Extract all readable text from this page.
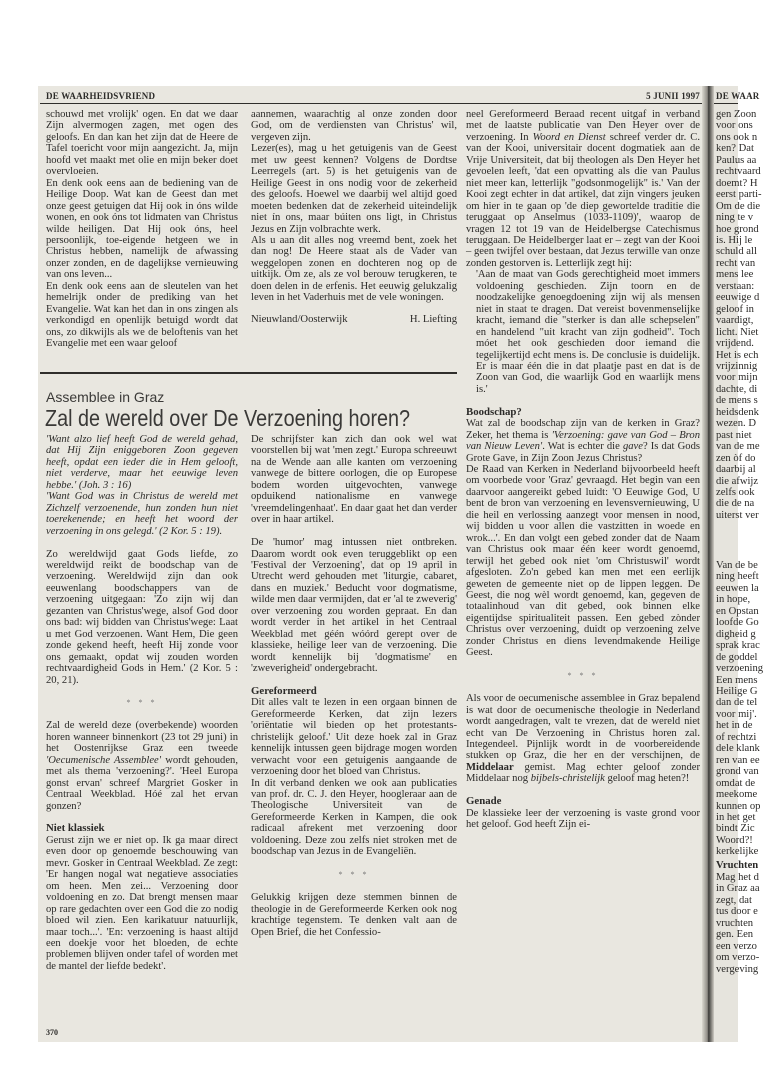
DE WAARHEIDSVRIEND	5 JUNII 1997

schouwd met vrolijk' ogen. En dat we daar Zijn alvermogen zagen, met ogen des geloofs. En dan kan het zijn dat de Heere de Tafel toericht voor mijn aangezicht. Ja, mijn hoofd vet maakt met olie en mijn beker doet overvloeien.

En denk ook eens aan de bediening van de Heilige Doop. Wat kan de Geest dan met onze geest getuigen dat Hij ook in óns wilde wonen, en ook óns tot lidmaten van Christus wilde heiligen. Dat Hij ook óns, heel persoonlijk, toe-eigende hetgeen we in Christus hebben, namelijk de afwassing onzer zonden, en de dagelijkse vernieuwing van ons leven...

En denk ook eens aan de sleutelen van het hemelrijk onder de prediking van het Evangelie. Wat kan het dan in ons zingen als verkondigd en openlijk betuigd wordt dat ons, zo dikwijls als we de beloftenis van het Evangelie met een waar geloof

aannemen, waarachtig al onze zonden door God, om de verdiensten van Christus' wil, vergeven zijn.

Lezer(es), mag u het getuigenis van de Geest met uw geest kennen? Volgens de Dordtse Leerregels (art. 5) is het getuigenis van de Heilige Geest in ons nodig voor de zekerheid des geloofs. Hoewel we daarbij wel altijd goed moeten bedenken dat de zekerheid uiteindelijk niet ín ons, maar búiten ons ligt, in Christus Jezus en Zijn volbrachte werk.

Als u aan dit alles nog vreemd bent, zoek het dan nog! De Heere staat als de Vader van weggelopen zonen en dochteren nog op de uitkijk. Om ze, als ze vol berouw terugkeren, te doen delen in de erfenis. Het eeuwig gelukzalig leven in het Vaderhuis met de vele woningen.

Nieuwland/Oosterwijk	H. Liefting
Assemblee in Graz
Zal de wereld over De Verzoening horen?

'Want alzo lief heeft God de wereld gehad, dat Hij Zijn eniggeboren Zoon gegeven heeft, opdat een ieder die in Hem gelooft, niet verderve, maar het eeuwige leven hebbe.' (Joh. 3 : 16)

'Want God was in Christus de wereld met Zichzelf verzoenende, hun zonden hun niet toerekenende; en heeft het woord der verzoening in ons gelegd.' (2 Kor. 5 : 19).

Zo wereldwijd gaat Gods liefde, zo wereldwijd reikt de boodschap van de verzoening. Wereldwijd zijn dan ook eeuwenlang boodschappers van de verzoening uitgegaan: 'Zo zijn wij dan gezanten van Christus'wege, alsof God door ons bad: wij bidden van Christus'wege: Laat u met God verzoenen. Want Hem, Die geen zonde gekend heeft, heeft Hij zonde voor ons gemaakt, opdat wij zouden worden rechtvaardigheid Gods in Hem.' (2 Kor. 5 : 20, 21).

* * *

Zal de wereld deze (overbekende) woorden horen wanneer binnenkort (23 tot 29 juni) in het Oostenrijkse Graz een tweede 'Oecumenische Assemblee' wordt gehouden, met als thema 'verzoening?'. 'Heel Europa gonst ervan' schreef Margriet Gosker in Centraal Weekblad. Hóé zal het ervan gonzen?

Niet klassiek

Gerust zijn we er niet op. Ik ga maar direct even door op genoemde beschouwing van mevr. Gosker in Centraal Weekblad. Ze zegt: 'Er hangen nogal wat negatieve associaties om heen. Men zei... Verzoening door voldoening en zo. Dat brengt mensen maar op rare gedachten over een God die zo nodig bloed wil zien. Een karikatuur natuurlijk, maar toch...'. 'En: verzoening is haast altijd een doekje voor het bloeden, de echte problemen blijven onder tafel of worden met de mantel der liefde bedekt'.

De schrijfster kan zich dan ook wel wat voorstellen bij wat 'men zegt.' Europa schreeuwt na de Wende aan alle kanten om verzoening vanwege de bittere oorlogen, die op Europese bodem worden uitgevochten, vanwege opduikend nationalisme en vanwege 'vreemdelingenhaat'. En daar gaat het dan verder over in haar artikel.

De 'humor' mag intussen niet ontbreken. Daarom wordt ook even teruggeblikt op een 'Festival der Verzoening', dat op 19 april in Utrecht werd gehouden met 'liturgie, cabaret, dans en muziek.' Beducht voor dogmatisme, wilde men daar vermijden, dat er 'al te zweverig' over verzoening zou worden gepraat. En dan wordt verder in het artikel in het Centraal Weekblad met géén wóórd gerept over de klassieke, heilige leer van de verzoening. Die wordt kennelijk bij 'dogmatisme' en 'zweverigheid' ondergebracht.

Gereformeerd

Dit alles valt te lezen in een orgaan binnen de Gereformeerde Kerken, dat zijn lezers 'oriëntatie wil bieden op het protestants-christelijk geloof.' Uit deze hoek zal in Graz kennelijk intussen geen bijdrage mogen worden verwacht voor een getuigenis aangaande de verzoening door het bloed van Christus.

In dit verband denken we ook aan publicaties van prof. dr. C. J. den Heyer, hoogleraar aan de Theologische Universiteit van de Gereformeerde Kerken in Kampen, die ook radicaal afrekent met verzoening door voldoening. Deze zou zelfs niet stroken met de boodschap van Jezus in de Evangeliën.

* * *

Gelukkig krijgen deze stemmen binnen de theologie in de Gereformeerde Kerken ook nog krachtige tegenstem. Te denken valt aan de Open Brief, die het Confessio-

neel Gereformeerd Beraad recent uitgaf in verband met de laatste publicatie van Den Heyer over de verzoening. In Woord en Dienst schreef verder dr. C. van der Kooi, universitair docent dogmatiek aan de Vrije Universiteit, dat bij theologen als Den Heyer het gevoelen leeft, 'dat een opvatting als die van Paulus niet meer kan, letterlijk "godsonmogelijk" is.' Van der Kooi zegt echter in dat artikel, dat zijn vingers jeuken om hier in te gaan op 'de diep gewortelde traditie die teruggaat op Anselmus (1033-1109)', waarop de vragen 12 tot 19 van de Heidelbergse Catechismus teruggaan. De Heidelberger laat er – zegt van der Kooi – geen twijfel over bestaan, dat Jezus terwille van onze zonden gestorven is. Letterlijk zegt hij:

'Aan de maat van Gods gerechtigheid moet immers voldoening geschieden. Zijn toorn en de noodzakelijke genoegdoening zijn wij als mensen niet in staat te dragen. Dat vereist bovenmenselijke kracht, iemand die "sterker is dan alle schepselen" en handelend "uit kracht van zijn godheid". Toch móet het ook geschieden door iemand die tegelijkertijd echt mens is. De conclusie is duidelijk. Er is maar één die in dat plaatje past en dat is de Zoon van God, die waarlijk God en waarlijk mens is.'

Boodschap?

Wat zal de boodschap zijn van de kerken in Graz? Zeker, het thema is 'Verzoening: gave van God – Bron van Nieuw Leven'. Wat is echter die gave? Is dat Gods Grote Gave, in Zijn Zoon Jezus Christus?

De Raad van Kerken in Nederland bijvoorbeeld heeft om voorbede voor 'Graz' gevraagd. Het begin van een daarvoor aangereikt gebed luidt: 'O Eeuwige God, U bent de bron van verzoening en levensvernieuwing, U die heil en verlossing aanzegt voor mensen in nood, wij bidden u voor allen die vastzitten in woede en wrok...'. En dan volgt een gebed zonder dat de Naam van Christus ook maar één keer wordt genoemd, terwijl het gebed ook niet 'om Christuswil' wordt afgesloten. Zo'n gebed kan men met een eerlijk geweten de gemeente niet op de lippen leggen. De Geest, die nog wèl wordt genoemd, kan, gegeven de totaalinhoud van dit gebed, ook binnen elke eigentijdse spiritualiteit passen. Een gebed zònder Christus over verzoening, duidt op verzoening zelve zonder Christus en diens levendmakende Heilige Geest.

* * *

Als voor de oecumenische assemblee in Graz bepalend is wat door de oecumenische theologie in Nederland wordt aangedragen, valt te vrezen, dat de wereld niet echt van De Verzoening in Christus horen zal. Integendeel. Pijnlijk wordt in de voorbereidende stukken op Graz, die her en der verschijnen, de Middelaar gemist. Mag echter geloof zonder Middelaar nog bijbels-christelijk geloof mag heten?!

Genade

De klassieke leer der verzoening is vaste grond voor het geloof. God heeft Zijn ei-

370
DE WAAR
gen Zoon
voor ons
ons ook n
ken? Dat
Paulus aa
rechtvaard
doemt? H
eerst parti-
Om de die
ning te v
hoe grond
is. Hij le
schuld all
recht van
mens lee
verstaan:
eeuwige d
geloof in
vaardigt,
licht. Niet
vrijdend.
Het is ech
vrijzinnig
voor mijn
dachte, di
de mens s
heidsdenk
wezen. D
past niet
van de me
zen òf do
daarbij al
die afwijz
zelfs ook
die de na
uiterst ver
Van de be
ning heeft
eeuwen la
in hope,
en Opstan
loofde Go
digheid g
sprak krac
de goddel
verzoening
Een mens
Heilige G
dan de tel
voor mij'.
het in de
of rechtzi
dele klank
ren van ee
grond van
omdat de
meekome
kunnen op
in het get
bindt Zic
Woord?!
kerkelijke
Vruchten
Mag het d
in Graz aa
zegt, dat
tus door e
vruchten
gen. Een
een verzo
om verzo-
vergeving
